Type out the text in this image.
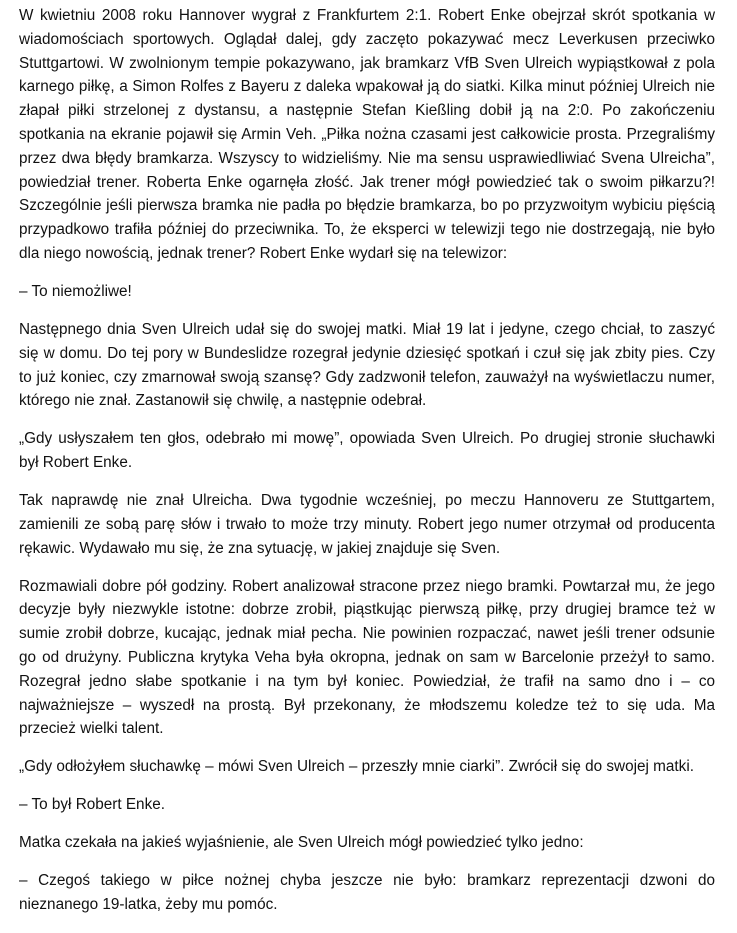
W kwietniu 2008 roku Hannover wygrał z Frankfurtem 2:1. Robert Enke obejrzał skrót spotkania w wiadomościach sportowych. Oglądał dalej, gdy zaczęto pokazywać mecz Leverkusen przeciwko Stuttgartowi. W zwolnionym tempie pokazywano, jak bramkarz VfB Sven Ulreich wypiąstkował z pola karnego piłkę, a Simon Rolfes z Bayeru z daleka wpakował ją do siatki. Kilka minut później Ulreich nie złapał piłki strzelonej z dystansu, a następnie Stefan Kießling dobił ją na 2:0. Po zakończeniu spotkania na ekranie pojawił się Armin Veh. „Piłka nożna czasami jest całkowicie prosta. Przegraliśmy przez dwa błędy bramkarza. Wszyscy to widzieliśmy. Nie ma sensu usprawiedliwiać Svena Ulreicha”, powiedział trener. Roberta Enke ogarnęła złość. Jak trener mógł powiedzieć tak o swoim piłkarzu?! Szczególnie jeśli pierwsza bramka nie padła po błędzie bramkarza, bo po przyzwoitym wybiciu pięścią przypadkowo trafiła później do przeciwnika. To, że eksperci w telewizji tego nie dostrzegają, nie było dla niego nowością, jednak trener? Robert Enke wydarł się na telewizor:

– To niemożliwe!

Następnego dnia Sven Ulreich udał się do swojej matki. Miał 19 lat i jedyne, czego chciał, to zaszyć się w domu. Do tej pory w Bundeslidze rozegrał jedynie dziesięć spotkań i czuł się jak zbity pies. Czy to już koniec, czy zmarnował swoją szansę? Gdy zadzwonił telefon, zauważył na wyświetlaczu numer, którego nie znał. Zastanowił się chwilę, a następnie odebrał.

„Gdy usłyszałem ten głos, odebrało mi mowę”, opowiada Sven Ulreich. Po drugiej stronie słuchawki był Robert Enke.

Tak naprawdę nie znał Ulreicha. Dwa tygodnie wcześniej, po meczu Hannoveru ze Stuttgartem, zamienili ze sobą parę słów i trwało to może trzy minuty. Robert jego numer otrzymał od producenta rękawic. Wydawało mu się, że zna sytuację, w jakiej znajduje się Sven.

Rozmawiali dobre pół godziny. Robert analizował stracone przez niego bramki. Powtarzał mu, że jego decyzje były niezwykle istotne: dobrze zrobił, piąstkując pierwszą piłkę, przy drugiej bramce też w sumie zrobił dobrze, kucając, jednak miał pecha. Nie powinien rozpaczać, nawet jeśli trener odsunie go od drużyny. Publiczna krytyka Veha była okropna, jednak on sam w Barcelonie przeżył to samo. Rozegrał jedno słabe spotkanie i na tym był koniec. Powiedział, że trafił na samo dno i – co najważniejsze – wyszedł na prostą. Był przekonany, że młodszemu koledze też to się uda. Ma przecież wielki talent.

„Gdy odłożyłem słuchawkę – mówi Sven Ulreich – przeszły mnie ciarki”. Zwrócił się do swojej matki.

– To był Robert Enke.

Matka czekała na jakieś wyjaśnienie, ale Sven Ulreich mógł powiedzieć tylko jedno:

– Czegoś takiego w piłce nożnej chyba jeszcze nie było: bramkarz reprezentacji dzwoni do nieznanego 19-latka, żeby mu pomóc.
